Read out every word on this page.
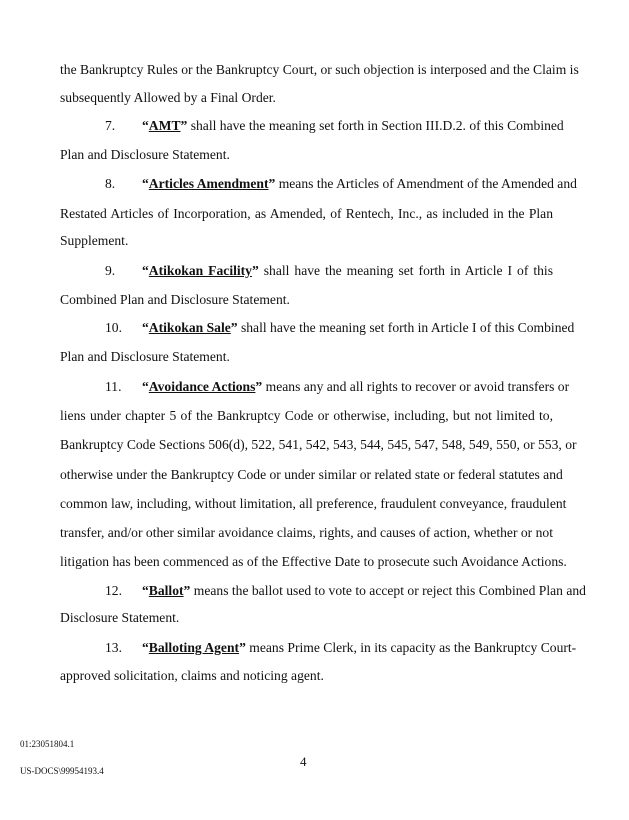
the Bankruptcy Rules or the Bankruptcy Court, or such objection is interposed and the Claim is
subsequently Allowed by a Final Order.
7. “AMT” shall have the meaning set forth in Section III.D.2. of this Combined
Plan and Disclosure Statement.
8. “Articles Amendment” means the Articles of Amendment of the Amended and
Restated Articles of Incorporation, as Amended, of Rentech, Inc., as included in the Plan
Supplement.
9. “Atikokan Facility” shall have the meaning set forth in Article I of this
Combined Plan and Disclosure Statement.
10. “Atikokan Sale” shall have the meaning set forth in Article I of this Combined
Plan and Disclosure Statement.
11. “Avoidance Actions” means any and all rights to recover or avoid transfers or
liens under chapter 5 of the Bankruptcy Code or otherwise, including, but not limited to,
Bankruptcy Code Sections 506(d), 522, 541, 542, 543, 544, 545, 547, 548, 549, 550, or 553, or
otherwise under the Bankruptcy Code or under similar or related state or federal statutes and
common law, including, without limitation, all preference, fraudulent conveyance, fraudulent
transfer, and/or other similar avoidance claims, rights, and causes of action, whether or not
litigation has been commenced as of the Effective Date to prosecute such Avoidance Actions.
12. “Ballot” means the ballot used to vote to accept or reject this Combined Plan and
Disclosure Statement.
13. “Balloting Agent” means Prime Clerk, in its capacity as the Bankruptcy Court-
approved solicitation, claims and noticing agent.
01:23051804.1
4
US-DOCS\99954193.4
